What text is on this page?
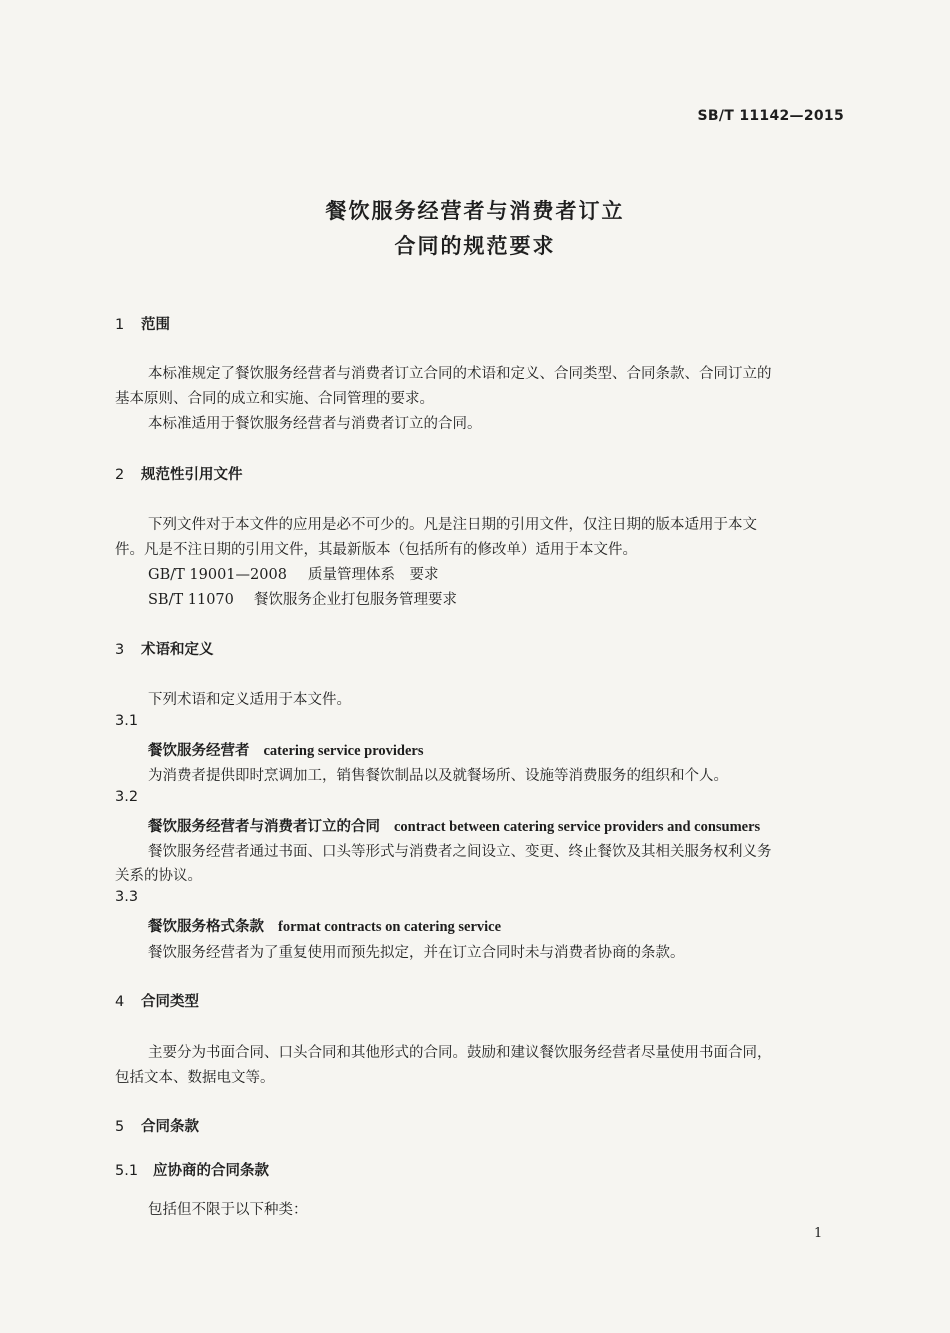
SB/T 11142—2015
餐饮服务经营者与消费者订立
合同的规范要求
1 范围
本标准规定了餐饮服务经营者与消费者订立合同的术语和定义、合同类型、合同条款、合同订立的
基本原则、合同的成立和实施、合同管理的要求。
本标准适用于餐饮服务经营者与消费者订立的合同。
2 规范性引用文件
下列文件对于本文件的应用是必不可少的。凡是注日期的引用文件，仅注日期的版本适用于本文
件。凡是不注日期的引用文件，其最新版本（包括所有的修改单）适用于本文件。
GB/T 19001—2008 质量管理体系　要求
SB/T 11070 餐饮服务企业打包服务管理要求
3 术语和定义
下列术语和定义适用于本文件。
3.1
餐饮服务经营者 catering service providers
为消费者提供即时烹调加工，销售餐饮制品以及就餐场所、设施等消费服务的组织和个人。
3.2
餐饮服务经营者与消费者订立的合同 contract between catering service providers and consumers
餐饮服务经营者通过书面、口头等形式与消费者之间设立、变更、终止餐饮及其相关服务权利义务
关系的协议。
3.3
餐饮服务格式条款 format contracts on catering service
餐饮服务经营者为了重复使用而预先拟定，并在订立合同时未与消费者协商的条款。
4 合同类型
主要分为书面合同、口头合同和其他形式的合同。鼓励和建议餐饮服务经营者尽量使用书面合同，
包括文本、数据电文等。
5 合同条款
5.1 应协商的合同条款
包括但不限于以下种类：
1
